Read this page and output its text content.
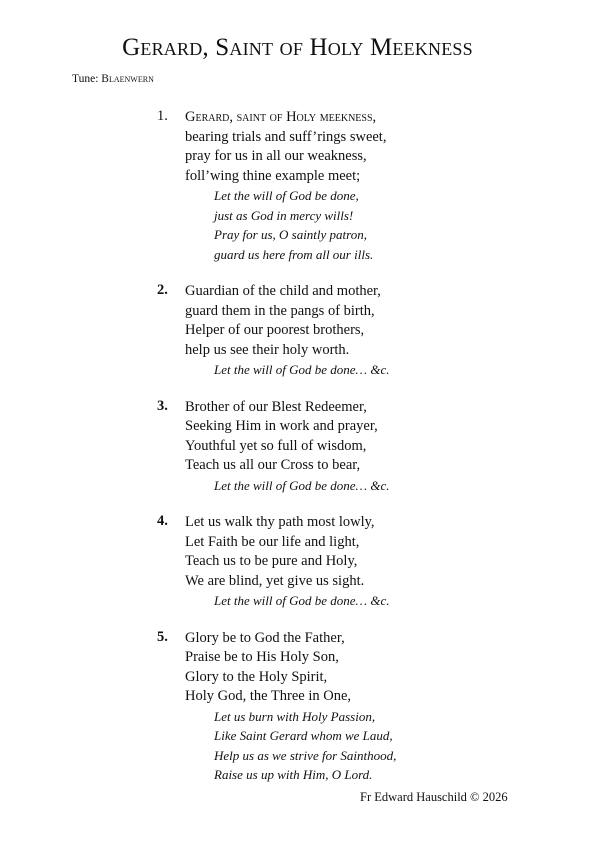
Gerard, Saint of Holy Meekness
Tune: Blaenwern
1. Gerard, saint of Holy meekness,
bearing trials and suff’rings sweet,
pray for us in all our weakness,
foll’wing thine example meet;
Let the will of God be done,
just as God in mercy wills!
Pray for us, O saintly patron,
guard us here from all our ills.
2. Guardian of the child and mother,
guard them in the pangs of birth,
Helper of our poorest brothers,
help us see their holy worth.
Let the will of God be done… &c.
3. Brother of our Blest Redeemer,
Seeking Him in work and prayer,
Youthful yet so full of wisdom,
Teach us all our Cross to bear,
Let the will of God be done… &c.
4. Let us walk thy path most lowly,
Let Faith be our life and light,
Teach us to be pure and Holy,
We are blind, yet give us sight.
Let the will of God be done… &c.
5. Glory be to God the Father,
Praise be to His Holy Son,
Glory to the Holy Spirit,
Holy God, the Three in One,
Let us burn with Holy Passion,
Like Saint Gerard whom we Laud,
Help us as we strive for Sainthood,
Raise us up with Him, O Lord.
Fr Edward Hauschild © 2026
